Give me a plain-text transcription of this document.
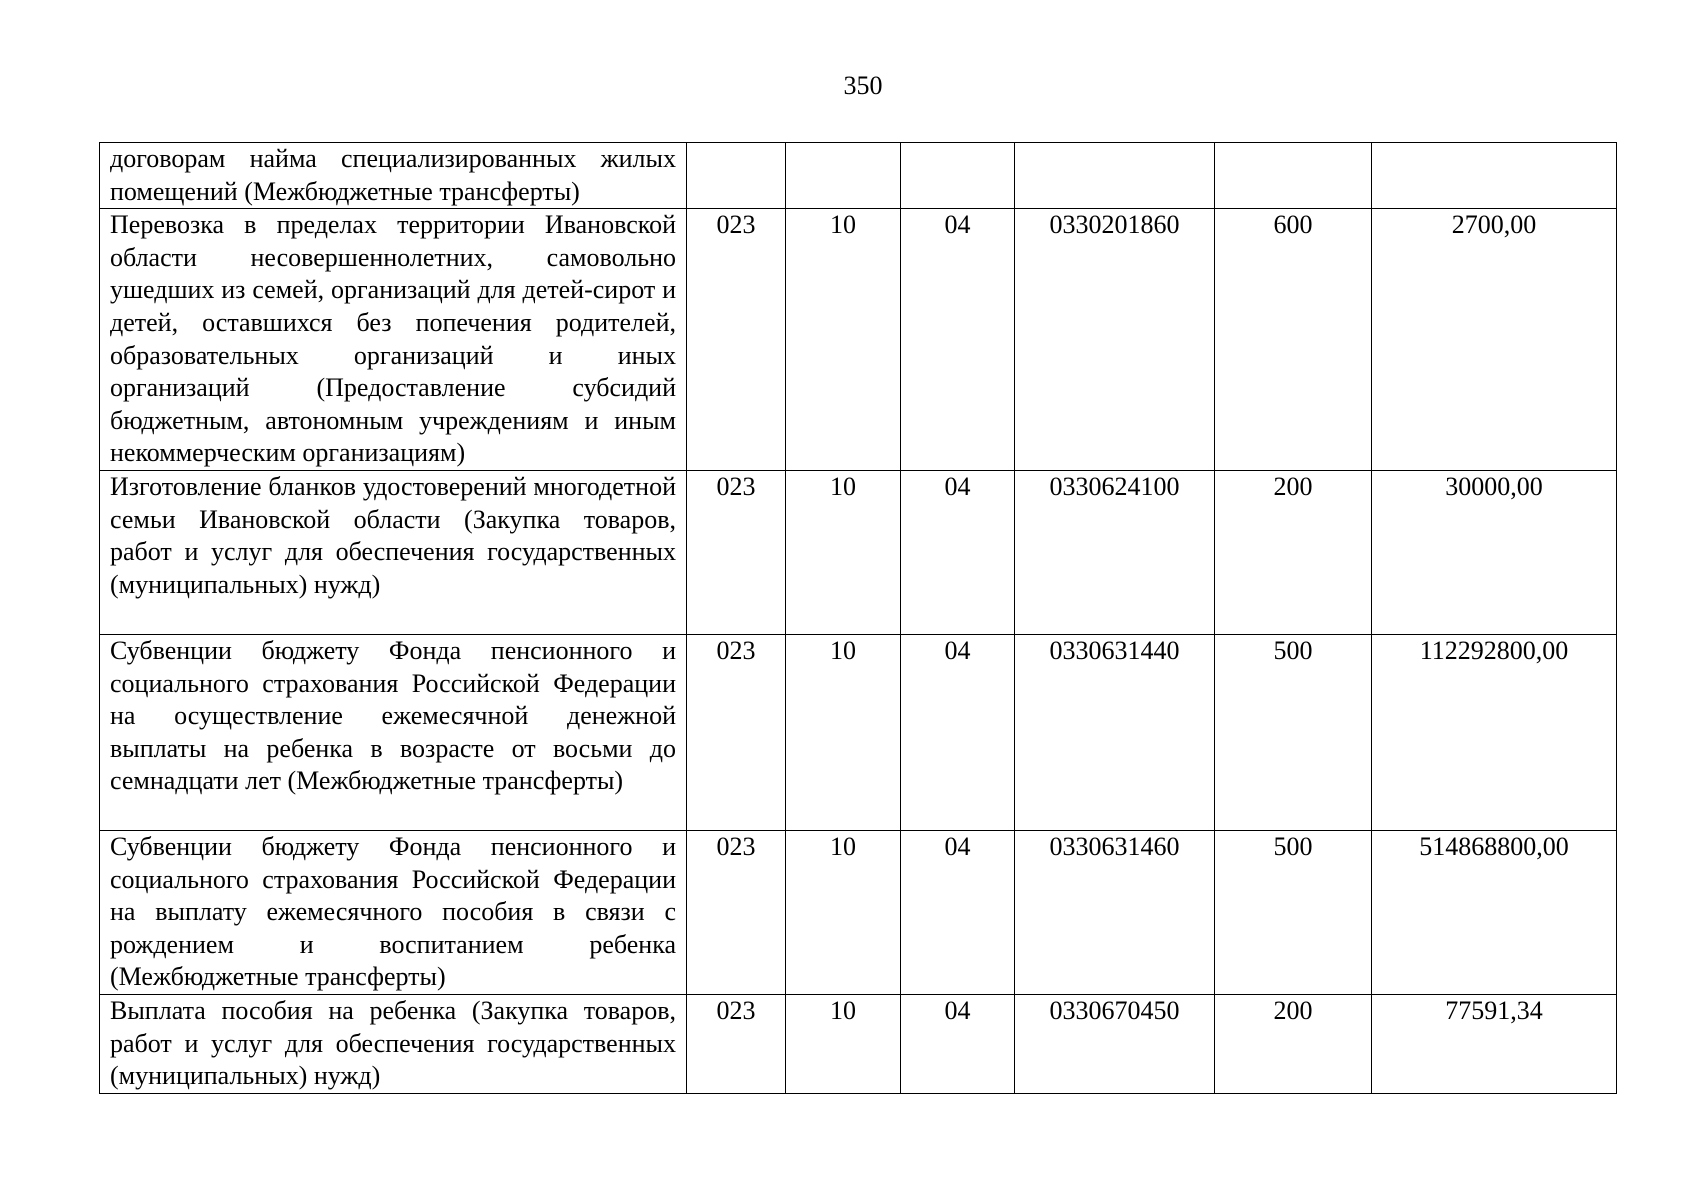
350
договорам найма специализированных жилых помещений (Межбюджетные трансферты)						
Перевозка в пределах территории Ивановской области несовершеннолетних, самовольно ушедших из семей, организаций для детей-сирот и детей, оставшихся без попечения родителей, образовательных организаций и иных организаций (Предоставление субсидий бюджетным, автономным учреждениям и иным некоммерческим организациям)	023	10	04	0330201860	600	2700,00
Изготовление бланков удостоверений многодетной семьи Ивановской области (Закупка товаров, работ и услуг для обеспечения государственных (муниципальных) нужд)	023	10	04	0330624100	200	30000,00
Субвенции бюджету Фонда пенсионного и социального страхования Российской Федерации на осуществление ежемесячной денежной выплаты на ребенка в возрасте от восьми до семнадцати лет (Межбюджетные трансферты)	023	10	04	0330631440	500	112292800,00
Субвенции бюджету Фонда пенсионного и социального страхования Российской Федерации на выплату ежемесячного пособия в связи с рождением и воспитанием ребенка (Межбюджетные трансферты)	023	10	04	0330631460	500	514868800,00
Выплата пособия на ребенка (Закупка товаров, работ и услуг для обеспечения государственных (муниципальных) нужд)	023	10	04	0330670450	200	77591,34
